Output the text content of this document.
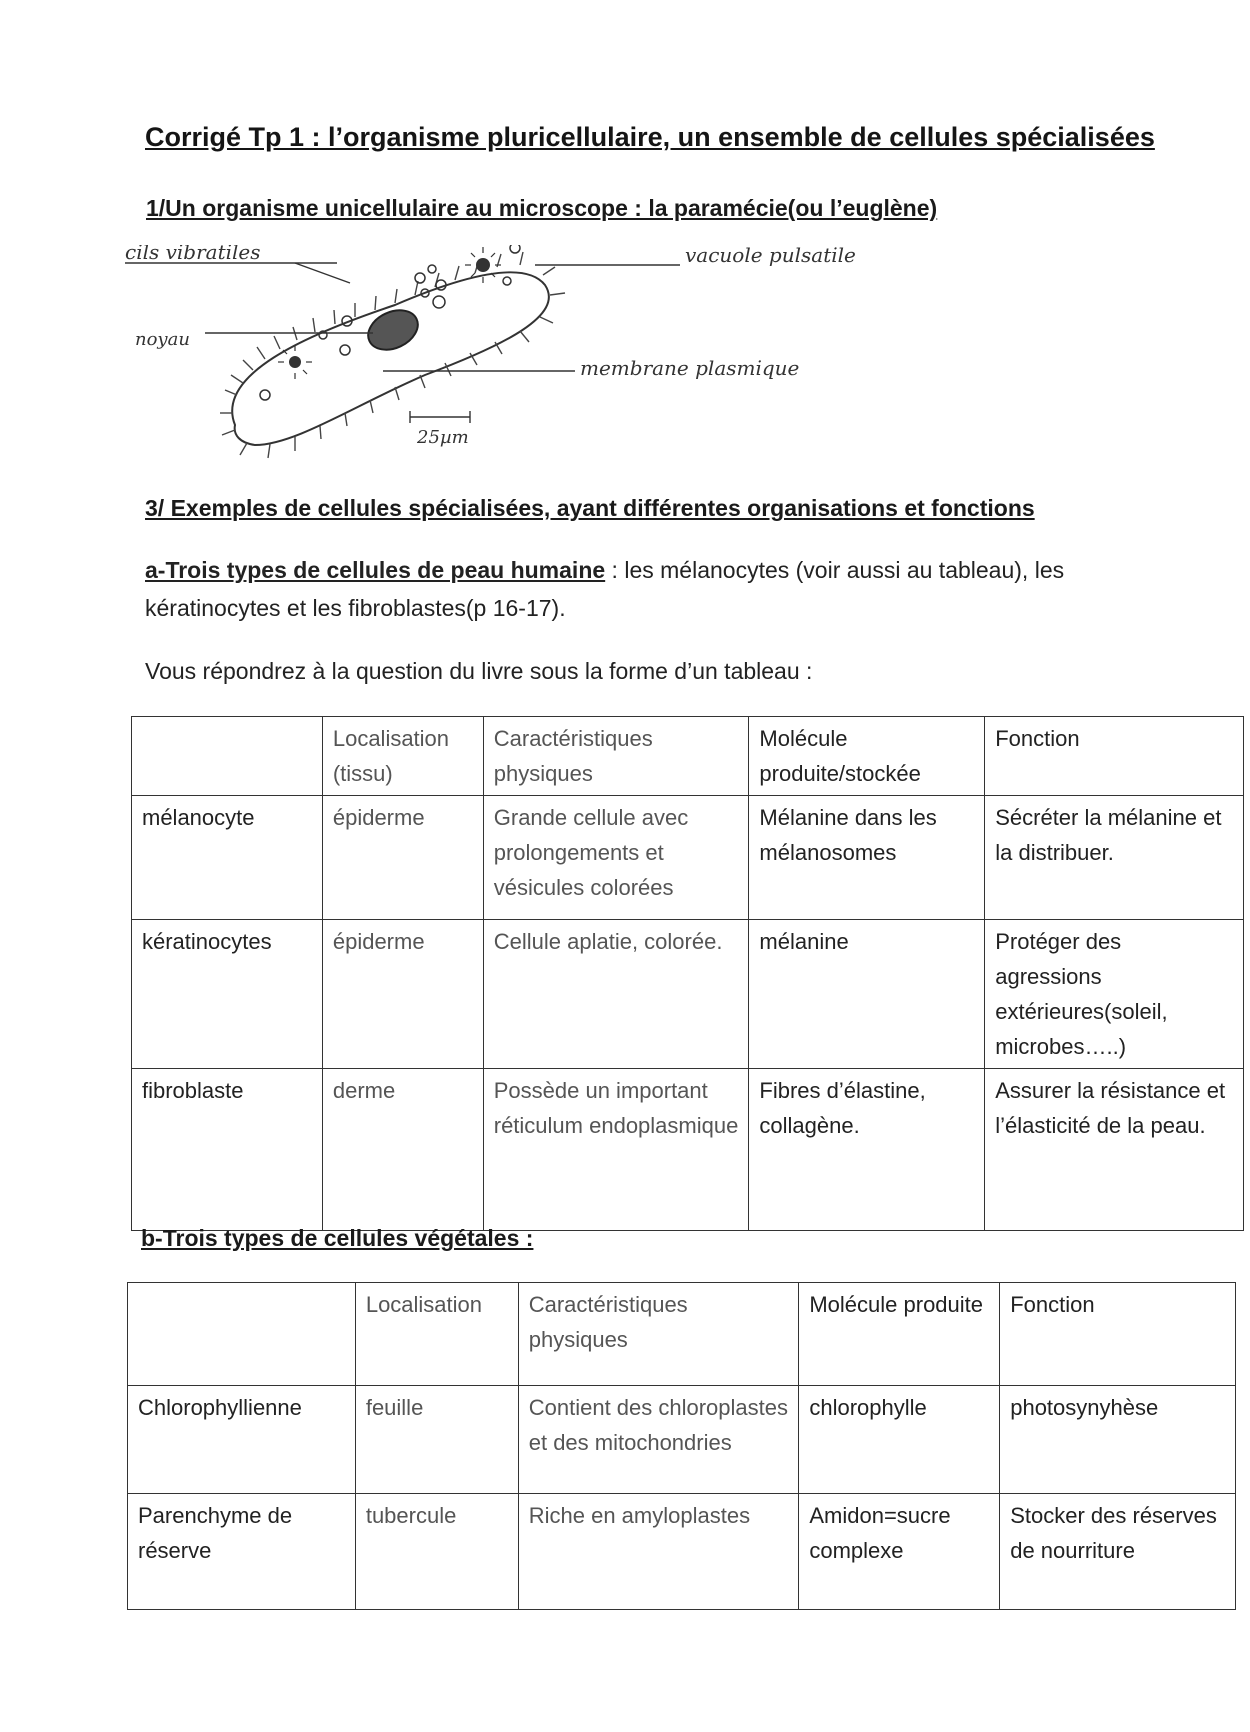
Corrigé Tp 1 : l’organisme pluricellulaire, un ensemble de cellules spécialisées
1/Un organisme unicellulaire au microscope : la paramécie(ou l’euglène)
cils vibratiles	vacuole pulsatile
noyau
membrane plasmique
25µm
3/ Exemples de cellules spécialisées, ayant différentes organisations et fonctions
a-Trois types de cellules de peau humaine : les mélanocytes (voir aussi au tableau), les kératinocytes et les fibroblastes(p 16-17).
Vous répondrez à la question du livre sous la forme d’un tableau :
	Localisation (tissu)	Caractéristiques physiques	Molécule produite/stockée	Fonction
mélanocyte	épiderme	Grande cellule avec prolongements et vésicules colorées	Mélanine dans les mélanosomes	Sécréter la mélanine et la distribuer.
kératinocytes	épiderme	Cellule aplatie, colorée.	mélanine	Protéger des agressions extérieures(soleil, microbes…..)
fibroblaste	derme	Possède un important réticulum endoplasmique	Fibres d’élastine, collagène.	Assurer la résistance et l’élasticité de la peau.
b-Trois types de cellules végétales :
	Localisation	Caractéristiques physiques	Molécule produite	Fonction
Chlorophyllienne	feuille	Contient des chloroplastes et des mitochondries	chlorophylle	photosynyhèse
Parenchyme de réserve	tubercule	Riche en amyloplastes	Amidon=sucre complexe	Stocker des réserves de nourriture
